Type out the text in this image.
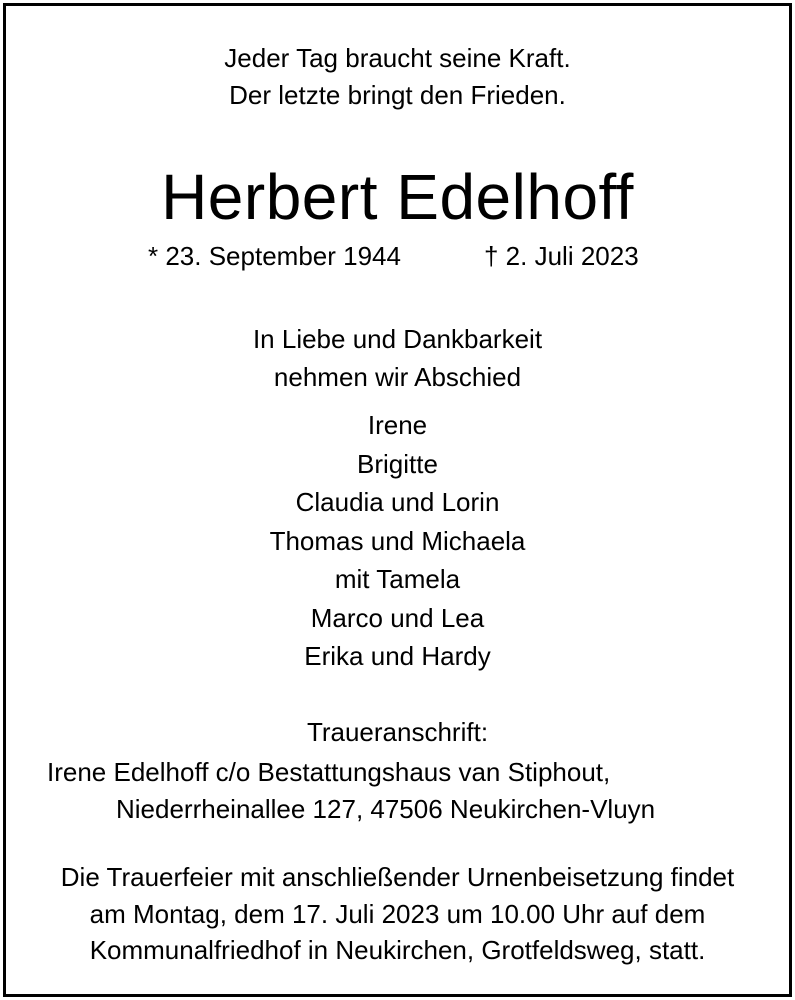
Jeder Tag braucht seine Kraft.
Der letzte bringt den Frieden.
Herbert Edelhoff
* 23. September 1944	† 2. Juli 2023
In Liebe und Dankbarkeit
nehmen wir Abschied
Irene
Brigitte
Claudia und Lorin
Thomas und Michaela
mit Tamela
Marco und Lea
Erika und Hardy
Traueranschrift:
Irene Edelhoff c/o Bestattungshaus van Stiphout,
Niederrheinallee 127, 47506 Neukirchen-Vluyn
Die Trauerfeier mit anschließender Urnenbeisetzung findet
am Montag, dem 17. Juli 2023 um 10.00 Uhr auf dem
Kommunalfriedhof in Neukirchen, Grotfeldsweg, statt.
